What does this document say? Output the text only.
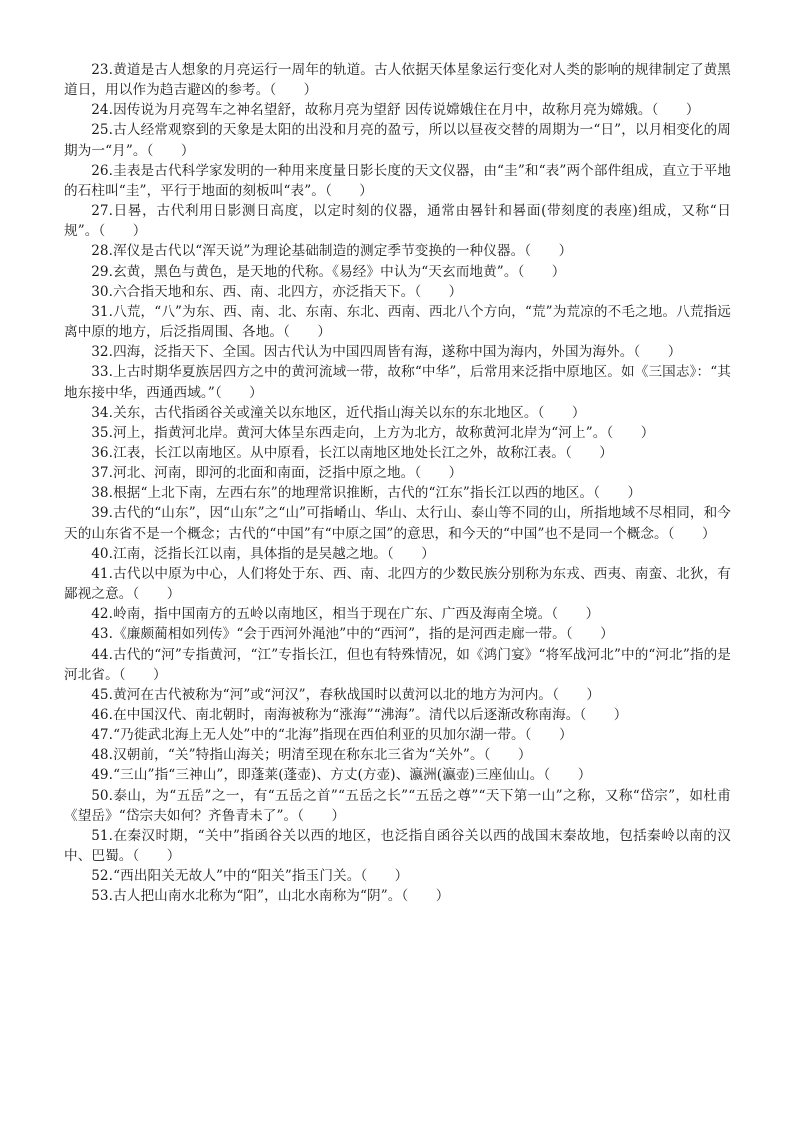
23.黄道是古人想象的月亮运行一周年的轨道。古人依据天体星象运行变化对人类的影响的规律制定了黄黑道日，用以作为趋吉避凶的参考。（　　）

24.因传说为月亮驾车之神名望舒，故称月亮为望舒 因传说嫦娥住在月中，故称月亮为嫦娥。（　　）

25.古人经常观察到的天象是太阳的出没和月亮的盈亏，所以以昼夜交替的周期为一“日”，以月相变化的周期为一“月”。（　　）

26.圭表是古代科学家发明的一种用来度量日影长度的天文仪器，由“圭”和“表”两个部件组成，直立于平地的石柱叫“圭”，平行于地面的刻板叫“表”。（　　）

27.日晷，古代利用日影测日高度，以定时刻的仪器，通常由晷针和晷面(带刻度的表座)组成，又称“日规”。（　　）

28.浑仪是古代以“浑天说”为理论基础制造的测定季节变换的一种仪器。（　　）

29.玄黄，黑色与黄色，是天地的代称。《易经》中认为“天玄而地黄”。（　　）

30.六合指天地和东、西、南、北四方，亦泛指天下。（　　）

31.八荒，“八”为东、西、南、北、东南、东北、西南、西北八个方向，“荒”为荒凉的不毛之地。八荒指远离中原的地方，后泛指周围、各地。（　　）

32.四海，泛指天下、全国。因古代认为中国四周皆有海，遂称中国为海内，外国为海外。（　　）

33.上古时期华夏族居四方之中的黄河流域一带，故称“中华”，后常用来泛指中原地区。如《三国志》：“其地东接中华，西通西域。”（　　）

34.关东，古代指函谷关或潼关以东地区，近代指山海关以东的东北地区。（　　）

35.河上，指黄河北岸。黄河大体呈东西走向，上方为北方，故称黄河北岸为“河上”。（　　）

36.江表，长江以南地区。从中原看，长江以南地区地处长江之外，故称江表。（　　）

37.河北、河南，即河的北面和南面，泛指中原之地。（　　）

38.根据“上北下南，左西右东”的地理常识推断，古代的“江东”指长江以西的地区。（　　）

39.古代的“山东”，因“山东”之“山”可指崤山、华山、太行山、泰山等不同的山，所指地域不尽相同，和今天的山东省不是一个概念；古代的“中国”有“中原之国”的意思，和今天的“中国”也不是同一个概念。（　　）

40.江南，泛指长江以南，具体指的是吴越之地。（　　）

41.古代以中原为中心，人们将处于东、西、南、北四方的少数民族分别称为东戎、西夷、南蛮、北狄，有鄙视之意。（　　）

42.岭南，指中国南方的五岭以南地区，相当于现在广东、广西及海南全境。（　　）

43.《廉颇蔺相如列传》“会于西河外渑池”中的“西河”，指的是河西走廊一带。（　　）

44.古代的“河”专指黄河，“江”专指长江，但也有特殊情况，如《鸿门宴》“将军战河北”中的“河北”指的是河北省。（　　）

45.黄河在古代被称为“河”或“河汉”，春秋战国时以黄河以北的地方为河内。（　　）

46.在中国汉代、南北朝时，南海被称为“涨海”“沸海”。清代以后逐渐改称南海。（　　）

47.“乃徙武北海上无人处”中的“北海”指现在西伯利亚的贝加尔湖一带。（　　）

48.汉朝前，“关”特指山海关；明清至现在称东北三省为“关外”。（　　）

49.“三山”指“三神山”，即蓬莱(蓬壶)、方丈(方壶)、瀛洲(瀛壶)三座仙山。（　　）

50.泰山，为“五岳”之一，有“五岳之首”“五岳之长”“五岳之尊”“天下第一山”之称，又称“岱宗”，如杜甫《望岳》“岱宗夫如何？齐鲁青未了”。（　　）

51.在秦汉时期，“关中”指函谷关以西的地区，也泛指自函谷关以西的战国末秦故地，包括秦岭以南的汉中、巴蜀。（　　）

52.“西出阳关无故人”中的“阳关”指玉门关。（　　）

53.古人把山南水北称为“阳”，山北水南称为“阴”。（　　）
